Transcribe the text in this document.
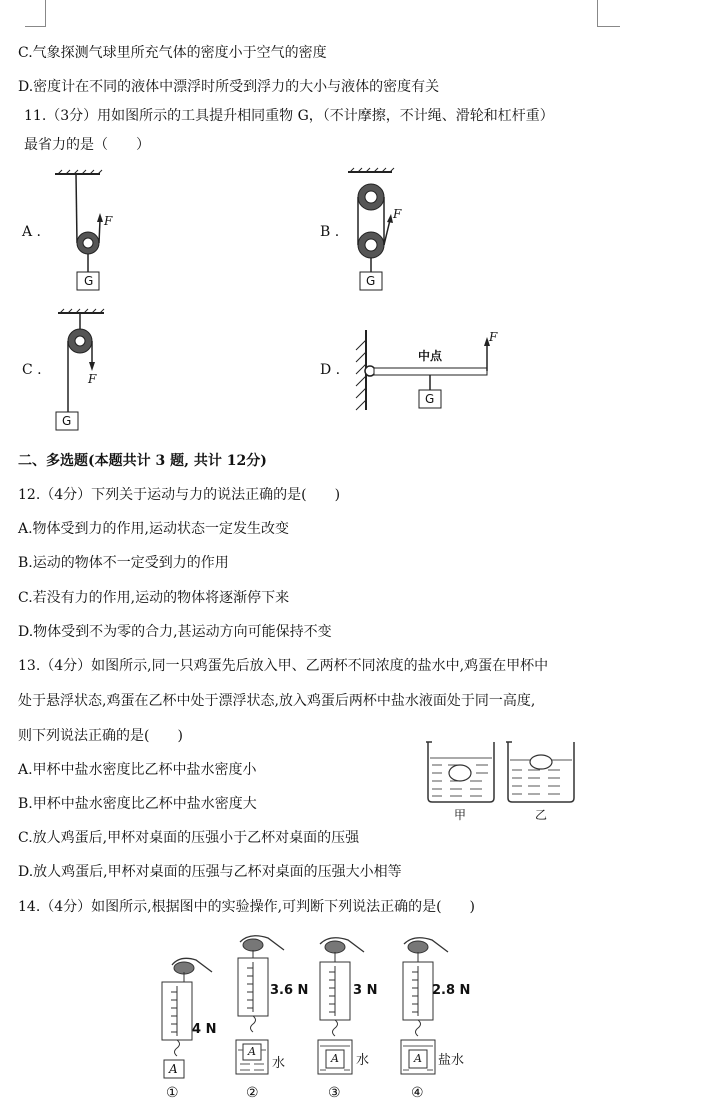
C.气象探测气球里所充气体的密度小于空气的密度
D.密度计在不同的液体中漂浮时所受到浮力的大小与液体的密度有关
11.（3分）用如图所示的工具提升相同重物 G，（不计摩擦，不计绳、滑轮和杠杆重）
最省力的是（　　）
A .
F
G
B .
F
G
C .
F
G
D .
中点
F
G
二、多选题(本题共计 3 题, 共计 12分)
12.（4分）下列关于运动与力的说法正确的是(　　)
A.物体受到力的作用,运动状态一定发生改变
B.运动的物体不一定受到力的作用
C.若没有力的作用,运动的物体将逐渐停下来
D.物体受到不为零的合力,甚运动方向可能保持不变
13.（4分）如图所示,同一只鸡蛋先后放入甲、乙两杯不同浓度的盐水中,鸡蛋在甲杯中
处于悬浮状态,鸡蛋在乙杯中处于漂浮状态,放入鸡蛋后两杯中盐水液面处于同一高度,
则下列说法正确的是(　　)
A.甲杯中盐水密度比乙杯中盐水密度小
B.甲杯中盐水密度比乙杯中盐水密度大
C.放人鸡蛋后,甲杯对桌面的压强小于乙杯对桌面的压强
D.放人鸡蛋后,甲杯对桌面的压强与乙杯对桌面的压强大小相等
甲	乙
14.（4分）如图所示,根据图中的实验操作,可判断下列说法正确的是(　　)
4 N
3.6 N	3 N	2.8 N
A
A
A	A
水	水	盐水
①	②	③	④
